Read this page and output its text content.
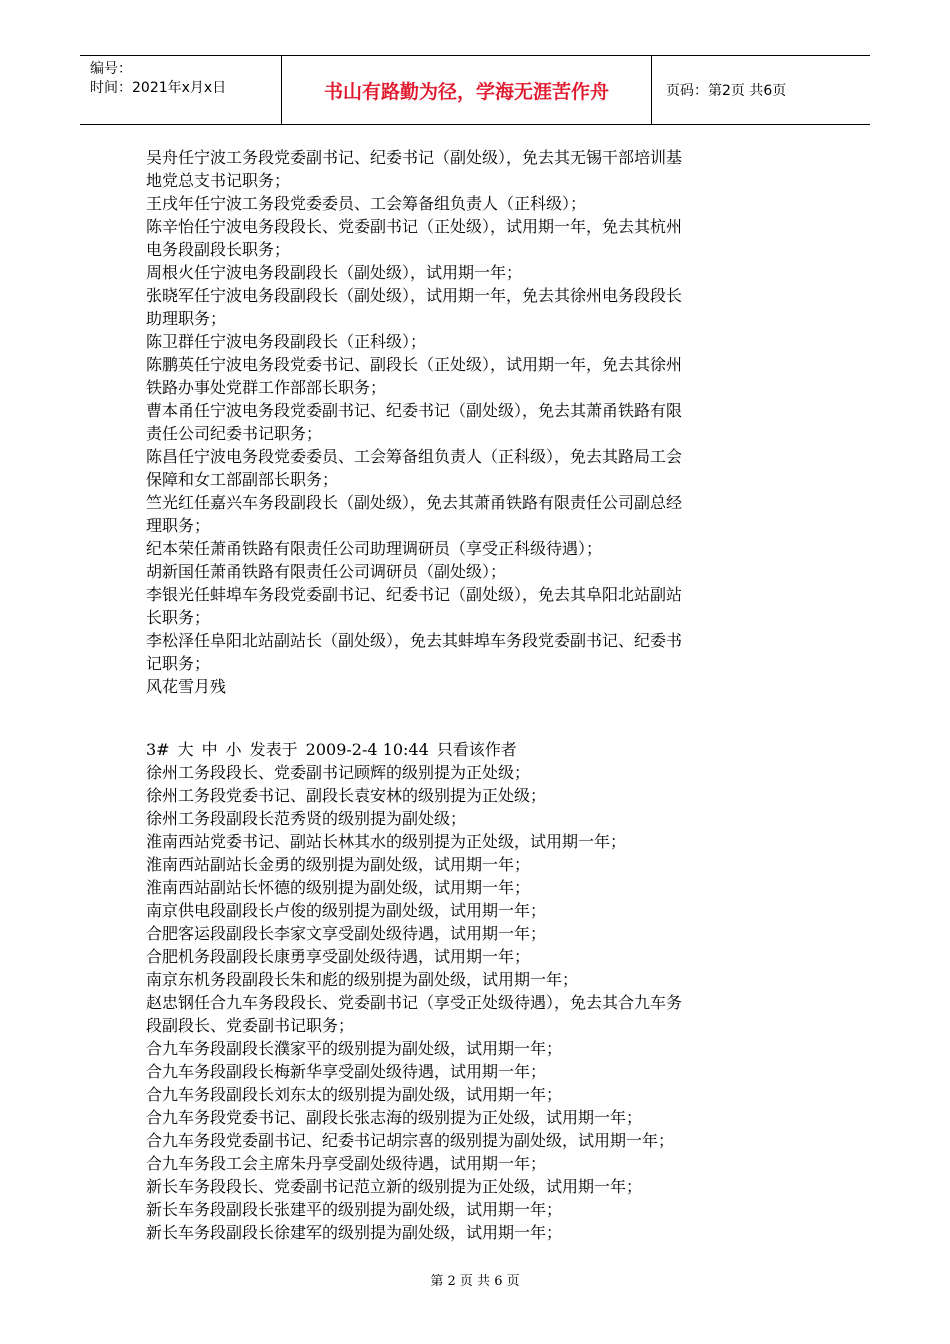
编号：
时间：2021年x月x日	书山有路勤为径，学海无涯苦作舟	页码：第2页 共6页
吴舟任宁波工务段党委副书记、纪委书记（副处级），免去其无锡干部培训基
地党总支书记职务；
王戌年任宁波工务段党委委员、工会筹备组负责人（正科级）；
陈辛怡任宁波电务段段长、党委副书记（正处级），试用期一年，免去其杭州
电务段副段长职务；
周根火任宁波电务段副段长（副处级），试用期一年；
张晓军任宁波电务段副段长（副处级），试用期一年，免去其徐州电务段段长
助理职务；
陈卫群任宁波电务段副段长（正科级）；
陈鹏英任宁波电务段党委书记、副段长（正处级），试用期一年，免去其徐州
铁路办事处党群工作部部长职务；
曹本甬任宁波电务段党委副书记、纪委书记（副处级），免去其萧甬铁路有限
责任公司纪委书记职务；
陈昌任宁波电务段党委委员、工会筹备组负责人（正科级），免去其路局工会
保障和女工部副部长职务；
竺光红任嘉兴车务段副段长（副处级），免去其萧甬铁路有限责任公司副总经
理职务；
纪本荣任萧甬铁路有限责任公司助理调研员（享受正科级待遇）；
胡新国任萧甬铁路有限责任公司调研员（副处级）；
李银光任蚌埠车务段党委副书记、纪委书记（副处级），免去其阜阳北站副站
长职务；
李松泽任阜阳北站副站长（副处级），免去其蚌埠车务段党委副书记、纪委书
记职务；
风花雪月残
3# 大 中 小 发表于 2009-2-4 10:44 只看该作者
徐州工务段段长、党委副书记顾辉的级别提为正处级；
徐州工务段党委书记、副段长袁安林的级别提为正处级；
徐州工务段副段长范秀贤的级别提为副处级；
淮南西站党委书记、副站长林其水的级别提为正处级，试用期一年；
淮南西站副站长金勇的级别提为副处级，试用期一年；
淮南西站副站长怀德的级别提为副处级，试用期一年；
南京供电段副段长卢俊的级别提为副处级，试用期一年；
合肥客运段副段长李家文享受副处级待遇，试用期一年；
合肥机务段副段长康勇享受副处级待遇，试用期一年；
南京东机务段副段长朱和彪的级别提为副处级，试用期一年；
赵忠钢任合九车务段段长、党委副书记（享受正处级待遇），免去其合九车务
段副段长、党委副书记职务；
合九车务段副段长濮家平的级别提为副处级，试用期一年；
合九车务段副段长梅新华享受副处级待遇，试用期一年；
合九车务段副段长刘东太的级别提为副处级，试用期一年；
合九车务段党委书记、副段长张志海的级别提为正处级，试用期一年；
合九车务段党委副书记、纪委书记胡宗喜的级别提为副处级，试用期一年；
合九车务段工会主席朱丹享受副处级待遇，试用期一年；
新长车务段段长、党委副书记范立新的级别提为正处级，试用期一年；
新长车务段副段长张建平的级别提为副处级，试用期一年；
新长车务段副段长徐建军的级别提为副处级，试用期一年；
第 2 页 共 6 页
